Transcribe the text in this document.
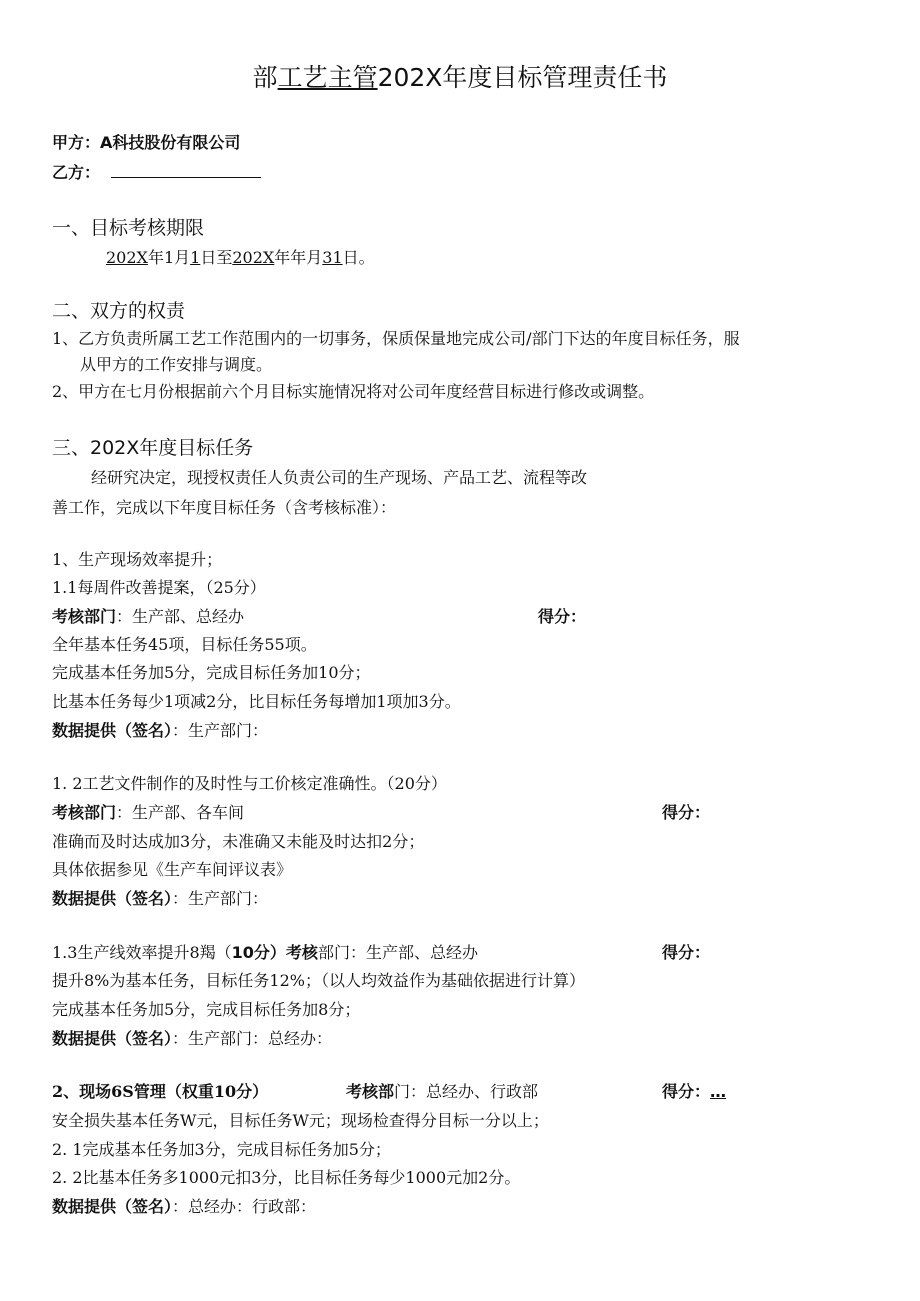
部工艺主管202X年度目标管理责任书
甲方：A科技股份有限公司
乙方：
一、目标考核期限
202X年1月1日至202X年年月31日。
二、双方的权责
1、乙方负责所属工艺工作范围内的一切事务，保质保量地完成公司/部门下达的年度目标任务，服
从甲方的工作安排与调度。
2、甲方在七月份根据前六个月目标实施情况将对公司年度经营目标进行修改或调整。
三、202X年度目标任务
经研究决定，现授权责任人负责公司的生产现场、产品工艺、流程等改
善工作，完成以下年度目标任务（含考核标准）：
1、生产现场效率提升；
1.1每周件改善提案，（25分）
考核部门：生产部、总经办	得分：
全年基本任务45项，目标任务55项。
完成基本任务加5分，完成目标任务加10分；
比基本任务每少1项减2分，比目标任务每增加1项加3分。
数据提供（签名）：生产部门：
1. 2工艺文件制作的及时性与工价核定准确性。（20分）
考核部门：生产部、各车间	得分：
准确而及时达成加3分，未准确又未能及时达扣2分；
具体依据参见《生产车间评议表》
数据提供（签名）：生产部门：
1.3生产线效率提升8羯（10分）考核部门：生产部、总经办	得分：
提升8%为基本任务，目标任务12%；（以人均效益作为基础依据进行计算）
完成基本任务加5分，完成目标任务加8分；
数据提供（签名）：生产部门：总经办：
2、现场6S管理（权重10分）	考核部门：总经办、行政部	得分：…
安全损失基本任务W元，目标任务W元；现场检查得分目标一分以上；
2. 1完成基本任务加3分，完成目标任务加5分；
2. 2比基本任务多1000元扣3分，比目标任务每少1000元加2分。
数据提供（签名）：总经办：行政部：
